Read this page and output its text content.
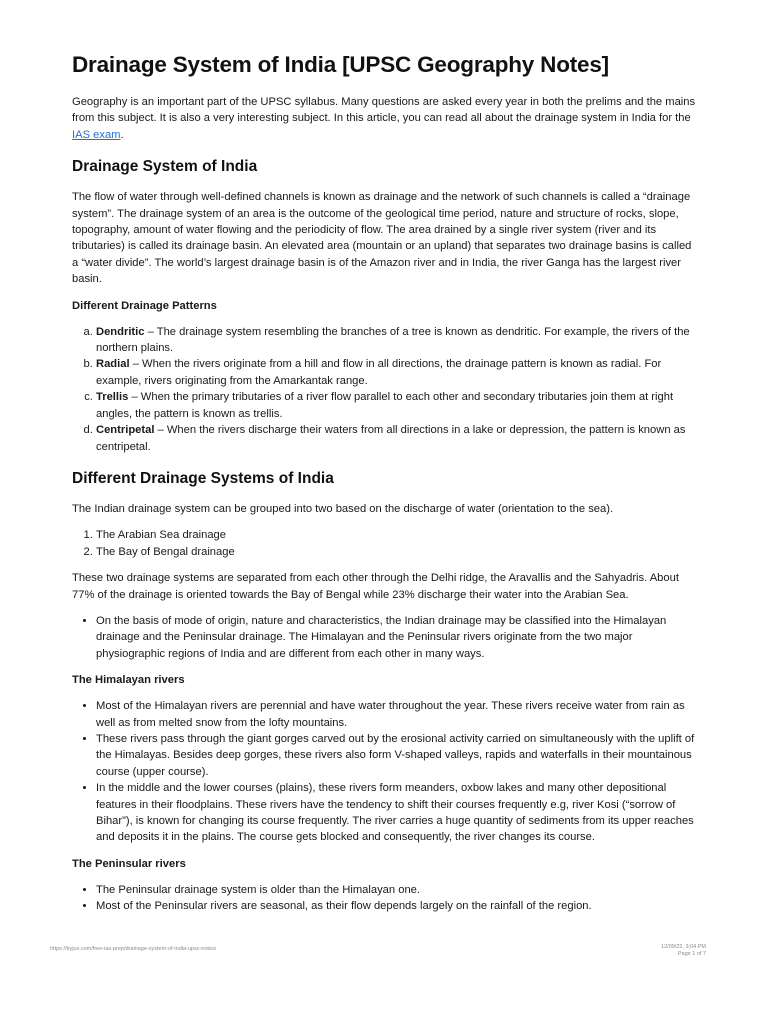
Drainage System of India [UPSC Geography Notes]

Geography is an important part of the UPSC syllabus. Many questions are asked every year in both the prelims and the mains from this subject. It is also a very interesting subject. In this article, you can read all about the drainage system in India for the IAS exam.

Drainage System of India

The flow of water through well-defined channels is known as drainage and the network of such channels is called a “drainage system”. The drainage system of an area is the outcome of the geological time period, nature and structure of rocks, slope, topography, amount of water flowing and the periodicity of flow. The area drained by a single river system (river and its tributaries) is called its drainage basin. An elevated area (mountain or an upland) that separates two drainage basins is called a “water divide”. The world’s largest drainage basin is of the Amazon river and in India, the river Ganga has the largest river basin.

Different Drainage Patterns
a. Dendritic – The drainage system resembling the branches of a tree is known as dendritic. For example, the rivers of the northern plains.
b. Radial – When the rivers originate from a hill and flow in all directions, the drainage pattern is known as radial. For example, rivers originating from the Amarkantak range.
c. Trellis – When the primary tributaries of a river flow parallel to each other and secondary tributaries join them at right angles, the pattern is known as trellis.
d. Centripetal – When the rivers discharge their waters from all directions in a lake or depression, the pattern is known as centripetal.
Different Drainage Systems of India

The Indian drainage system can be grouped into two based on the discharge of water (orientation to the sea).

1. The Arabian Sea drainage
2. The Bay of Bengal drainage

These two drainage systems are separated from each other through the Delhi ridge, the Aravallis and the Sahyadris. About 77% of the drainage is oriented towards the Bay of Bengal while 23% discharge their water into the Arabian Sea.

• On the basis of mode of origin, nature and characteristics, the Indian drainage may be classified into the Himalayan drainage and the Peninsular drainage. The Himalayan and the Peninsular rivers originate from the two major physiographic regions of India and are different from each other in many ways.
The Himalayan rivers
• Most of the Himalayan rivers are perennial and have water throughout the year. These rivers receive water from rain as well as from melted snow from the lofty mountains.
• These rivers pass through the giant gorges carved out by the erosional activity carried on simultaneously with the uplift of the Himalayas. Besides deep gorges, these rivers also form V-shaped valleys, rapids and waterfalls in their mountainous course (upper course).
• In the middle and the lower courses (plains), these rivers form meanders, oxbow lakes and many other depositional features in their floodplains. These rivers have the tendency to shift their courses frequently e.g, river Kosi (“sorrow of Bihar”), is known for changing its course frequently. The river carries a huge quantity of sediments from its upper reaches and deposits it in the plains. The course gets blocked and consequently, the river changes its course.
The Peninsular rivers
• The Peninsular drainage system is older than the Himalayan one.
• Most of the Peninsular rivers are seasonal, as their flow depends largely on the rainfall of the region.
https://byjus.com/free-ias-prep/drainage-system-of-india-upsc-notes/	12/09/22, 3:04 PM
Page 1 of 7
